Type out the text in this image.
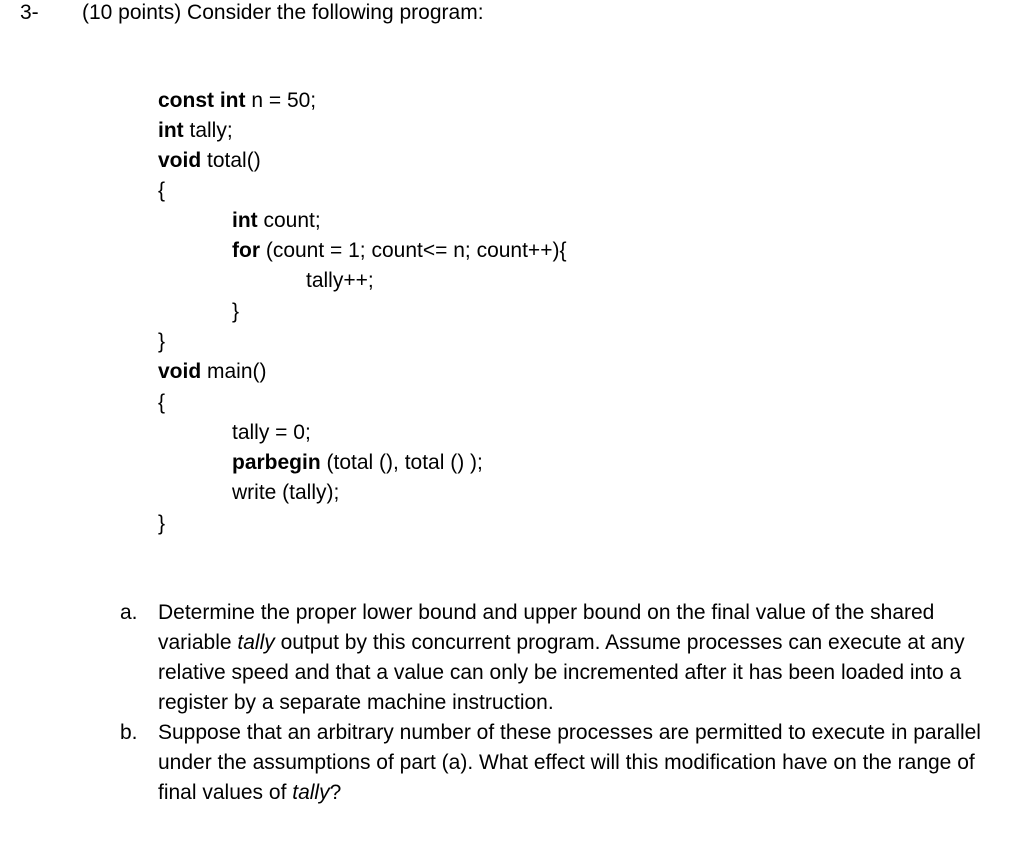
3- (10 points) Consider the following program:
const int n = 50;
int tally;
void total()
{
int count;
for (count = 1; count<= n; count++){
tally++;
}
}
void main()
{
tally = 0;
parbegin (total (), total () );
write (tally);
}
a. Determine the proper lower bound and upper bound on the final value of the shared variable tally output by this concurrent program. Assume processes can execute at any relative speed and that a value can only be incremented after it has been loaded into a register by a separate machine instruction.
b. Suppose that an arbitrary number of these processes are permitted to execute in parallel under the assumptions of part (a). What effect will this modification have on the range of final values of tally?
